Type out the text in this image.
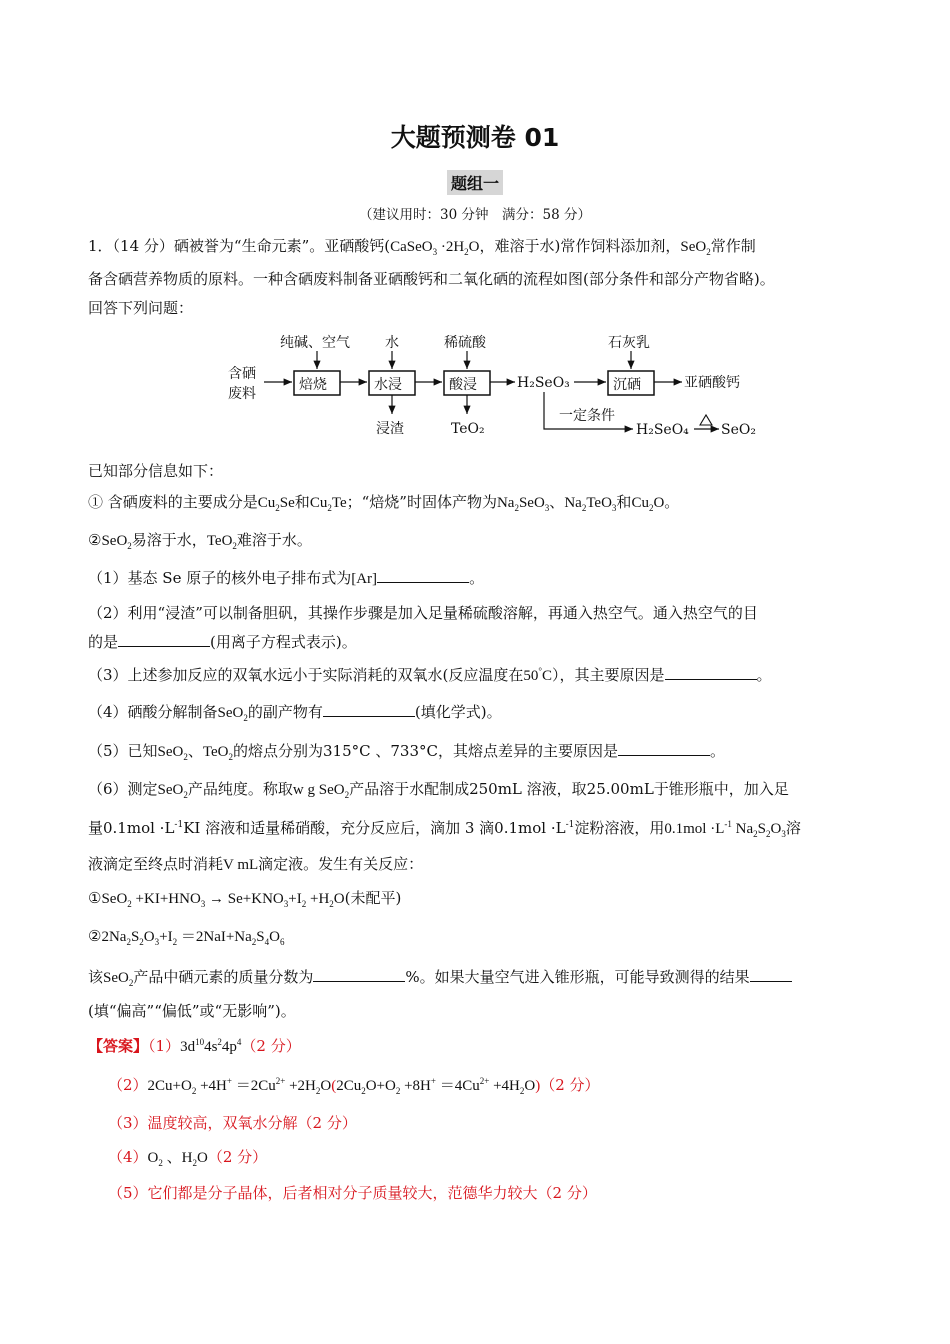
大题预测卷 01
题组一
（建议用时：30 分钟　满分：58 分）
1．（14 分）硒被誉为“生命元素”。亚硒酸钙(CaSeO$_3$ $\cdot 2H_2O$，难溶于水)常作饲料添加剂，SeO$_2$常作制
备含硒营养物质的原料。一种含硒废料制备亚硒酸钙和二氧化硒的流程如图(部分条件和部分产物省略)。
回答下列问题：
含硒
废料
焙烧
纯碱、空气
水浸
水
浸渣
酸浸
稀硫酸
TeO₂
H₂SeO₃	沉硒
石灰乳
亚硒酸钙
一定条件
H₂SeO₄ SeO₂
已知部分信息如下：
① 含硒废料的主要成分是$Cu_2Se$和$Cu_2Te$；“焙烧”时固体产物为$Na_2SeO_3$、$Na_2TeO_3$和$Cu_2O$。
②SeO$_2$易溶于水，TeO$_2$难溶于水。
（1）基态 Se 原子的核外电子排布式为[Ar]	。
（2）利用“浸渣”可以制备胆矾，其操作步骤是加入足量稀硫酸溶解，再通入热空气。通入热空气的目
的是	(用离子方程式表示)。
（3）上述参加反应的双氧水远小于实际消耗的双氧水(反应温度在50°C），其主要原因是	。
（4）硒酸分解制备SeO$_2$的副产物有	(填化学式)。
（5）已知SeO$_2$、TeO$_2$的熔点分别为315°C 、733°C，其熔点差异的主要原因是	。
（6）测定SeO$_2$产品纯度。称取w g SeO$_2$产品溶于水配制成250mL 溶液，取25.00mL于锥形瓶中，加入足
量$0.1mol \cdot L^{-1}KI$ 溶液和适量稀硝酸，充分反应后，滴加 3 滴$0.1mol \cdot L^{-1}$淀粉溶液，用$0.1mol \cdot L^{-1}$ $Na_2S_2O_3$溶
液滴定至终点时消耗V mL滴定液。发生有关反应：
①SeO$_2$ $+KI+HNO_3 \to Se+KNO_3+I_2 +H_2O$(未配平)
$②2Na_2S_2O_3+I_2 =2NaI+Na_2S_4O_6$
该SeO$_2$产品中硒元素的质量分数为	%。如果大量空气进入锥形瓶，可能导致测得的结果
(填“偏高”“偏低”或“无影响”)。
【答案】$(1)3d^{10}4s^24p^4(2$ 分）
$(2)2Cu+O_2 +4H^+ =2Cu^{2+} +2H_2O(2Cu_2O+O_2 +8H^+ =4Cu^{2+} +4H_2O)(2$ 分）
（3）温度较高，双氧水分解（2 分）
$(4)O_2$ 、$H_2O(2$ 分）
（5）它们都是分子晶体，后者相对分子质量较大，范德华力较大（2 分）
